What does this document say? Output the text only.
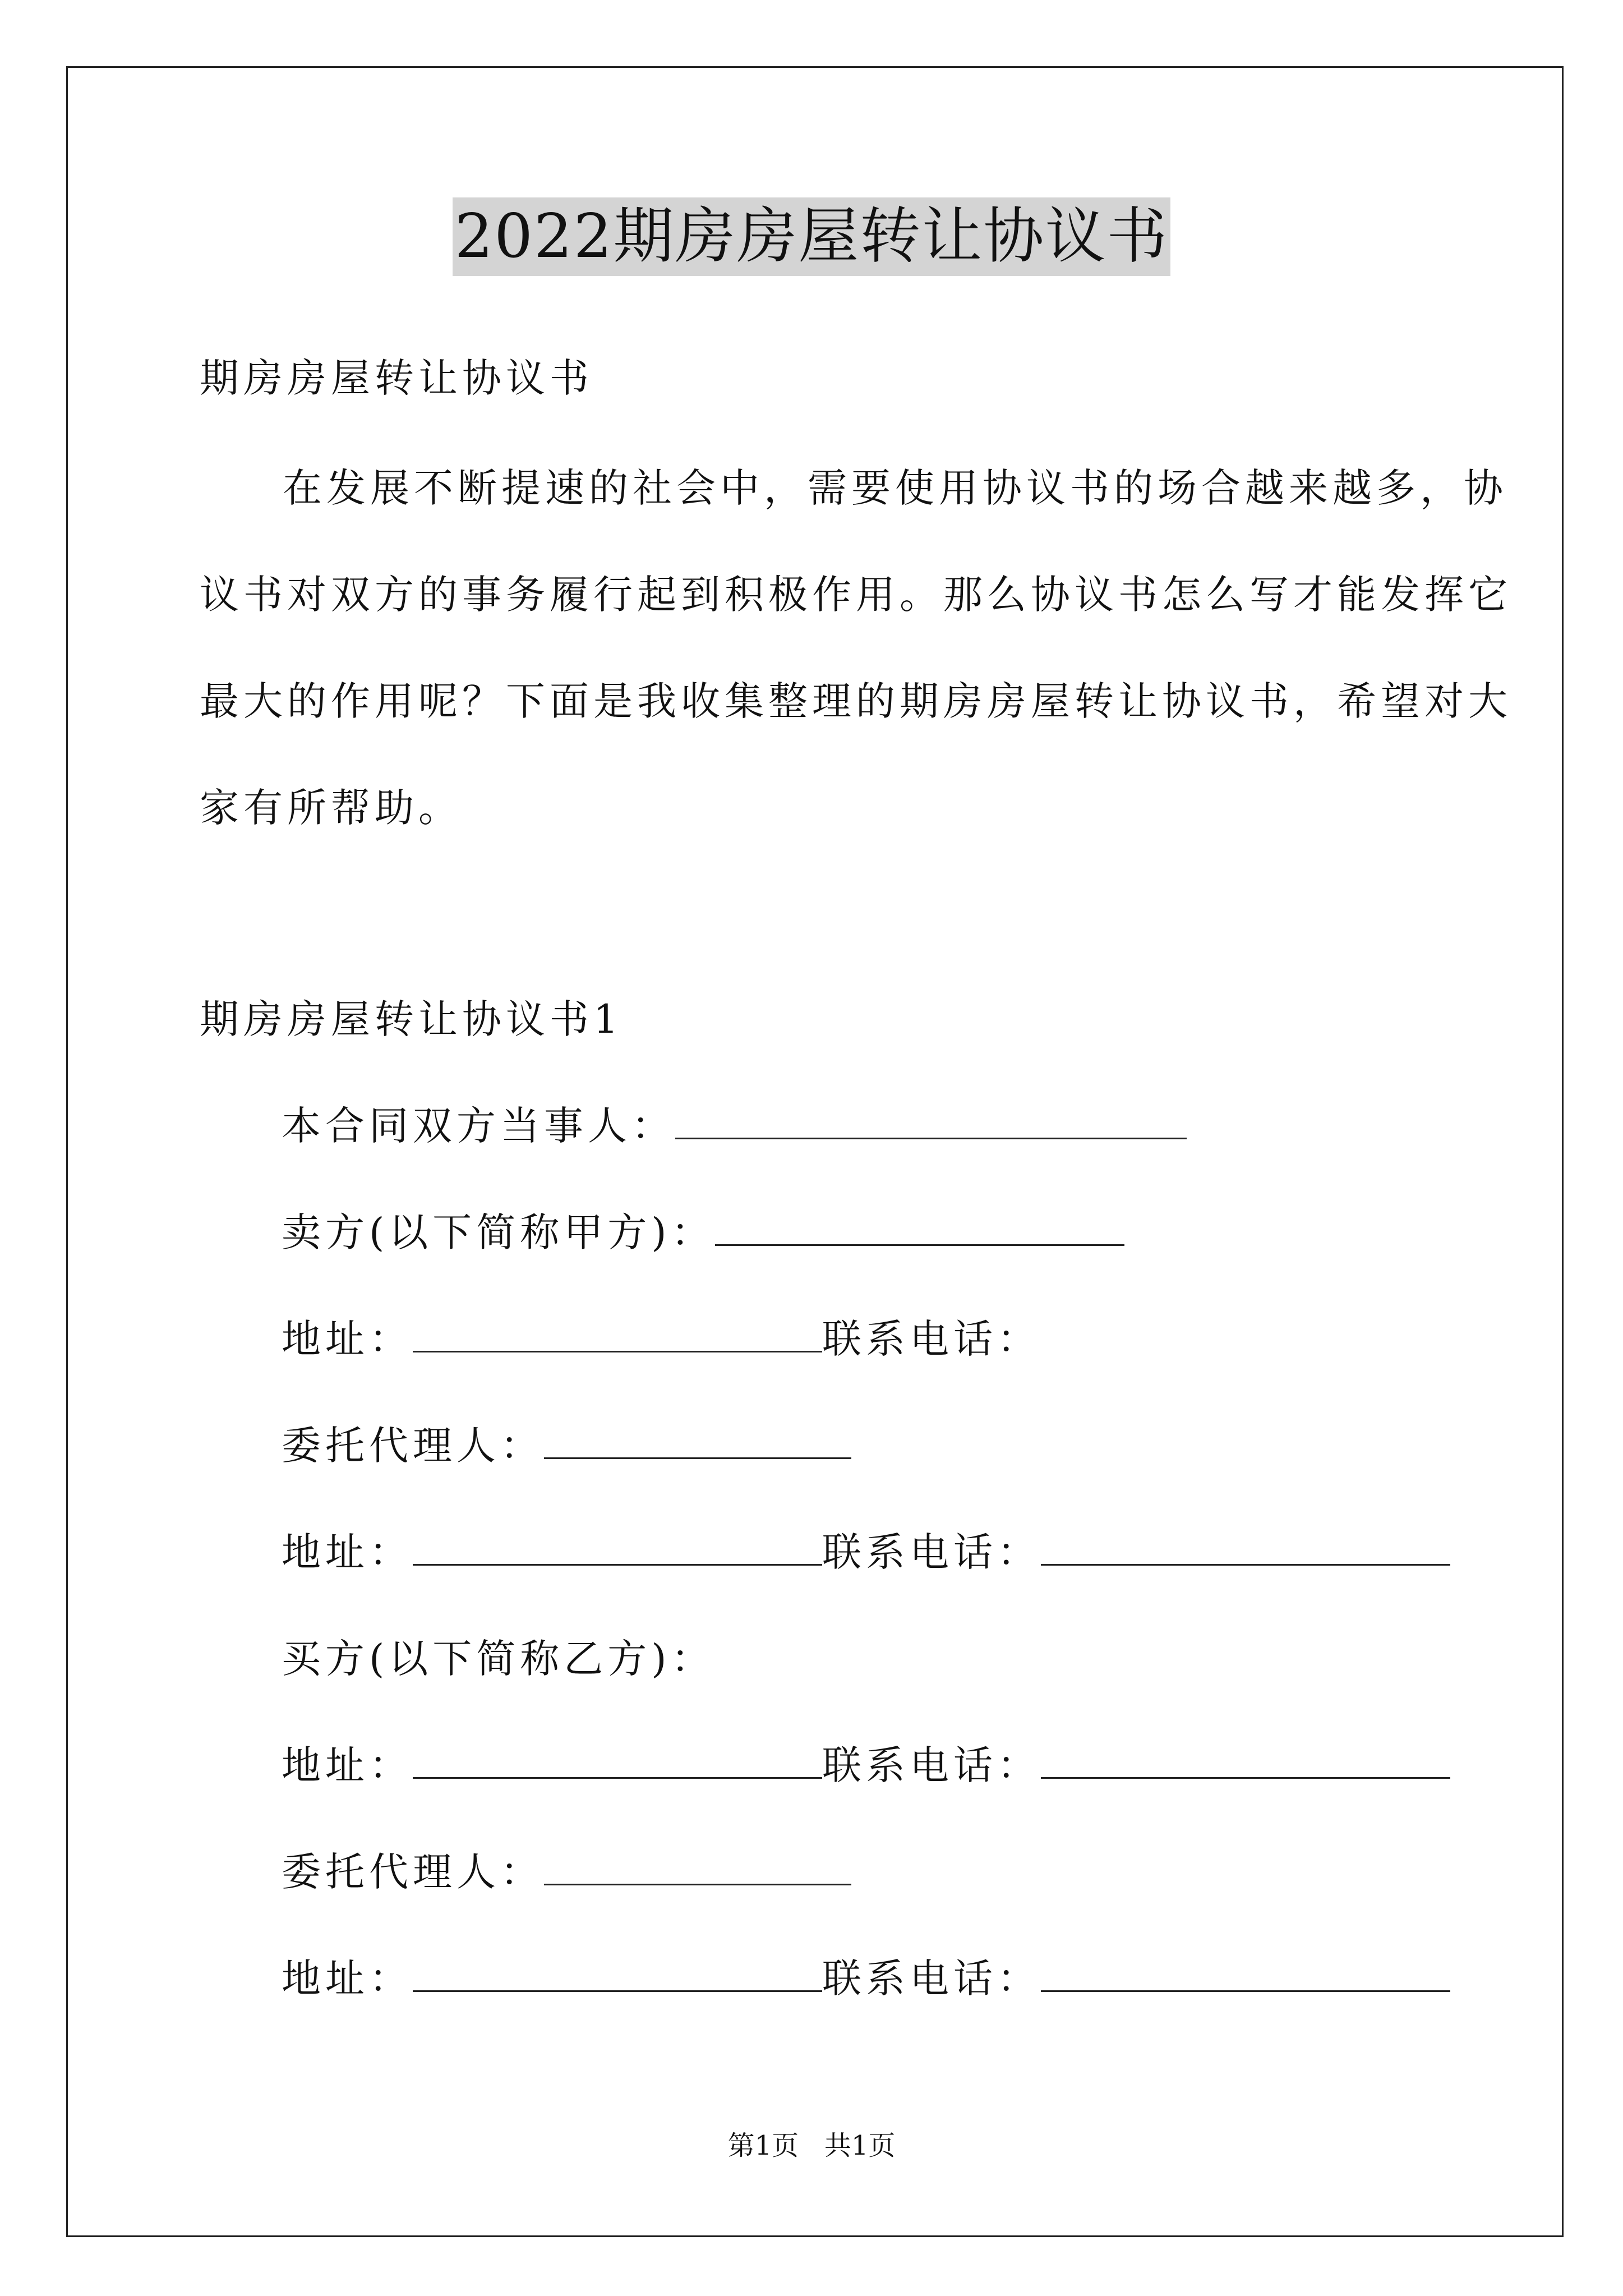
2022期房房屋转让协议书
期房房屋转让协议书
在发展不断提速的社会中，需要使用协议书的场合越来越多，协
议书对双方的事务履行起到积极作用。那么协议书怎么写才能发挥它
最大的作用呢？下面是我收集整理的期房房屋转让协议书，希望对大
家有所帮助。
期房房屋转让协议书1
本合同双方当事人：
卖方(以下简称甲方)：
地址：	联系电话：
委托代理人：
地址：	联系电话：
买方(以下简称乙方)：
地址：	联系电话：
委托代理人：
地址：	联系电话：
第1页   共1页
